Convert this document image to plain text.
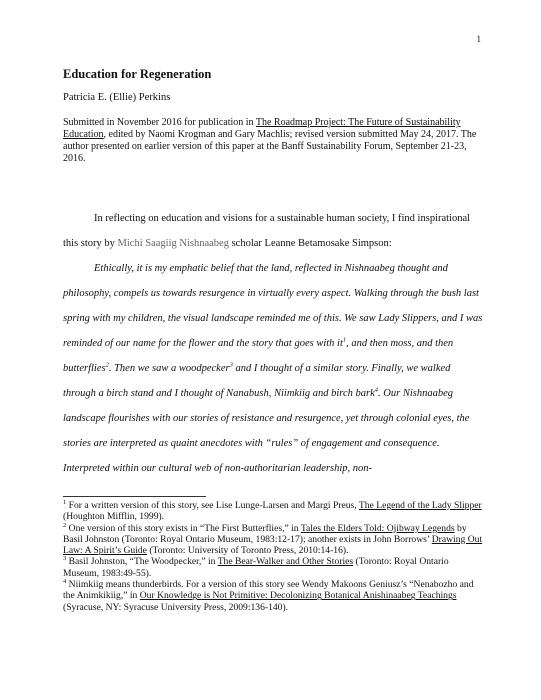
1
Education for Regeneration
Patricia E. (Ellie) Perkins
Submitted in November 2016 for publication in The Roadmap Project: The Future of Sustainability Education, edited by Naomi Krogman and Gary Machlis; revised version submitted May 24, 2017. The author presented on earlier version of this paper at the Banff Sustainability Forum, September 21-23, 2016.
In reflecting on education and visions for a sustainable human society, I find inspirational this story by Michi Saagiig Nishnaabeg scholar Leanne Betamosake Simpson:
Ethically, it is my emphatic belief that the land, reflected in Nishnaabeg thought and philosophy, compels us towards resurgence in virtually every aspect. Walking through the bush last spring with my children, the visual landscape reminded me of this. We saw Lady Slippers, and I was reminded of our name for the flower and the story that goes with $it^1$, and then moss, and then butterflies$^2$. Then we saw a woodpecker$^3$ and I thought of a similar story. Finally, we walked through a birch stand and I thought of Nanabush, Niimkiig and birch bark$^4$. Our Nishnaabeg landscape flourishes with our stories of resistance and resurgence, yet through colonial eyes, the stories are interpreted as quaint anecdotes with “rules” of engagement and consequence. Interpreted within our cultural web of non-authoritarian leadership, non-

$^1$ For a written version of this story, see Lise Lunge-Larsen and Margi Preus, The Legend of the Lady Slipper (Houghton Mifflin, 1999).

$^2$ One version of this story exists in “The First Butterflies,” in Tales the Elders Told: Ojibway Legends by Basil Johnston (Toronto: Royal Ontario Museum, 1983:12-17); another exists in John Borrows’ Drawing Out Law: A Spirit’s Guide (Toronto: University of Toronto Press, 2010:14-16).

$^3$ Basil Johnston, “The Woodpecker,” in The Bear-Walker and Other Stories (Toronto: Royal Ontario Museum, 1983:49-55).

$^4$ Niimkiig means thunderbirds. For a version of this story see Wendy Makoons Geniusz’s “Nenabozho and the Animkikiig,” in Our Knowledge is Not Primitive: Decolonizing Botanical Anishinaabeg Teachings (Syracuse, NY: Syracuse University Press, 2009:136-140).
